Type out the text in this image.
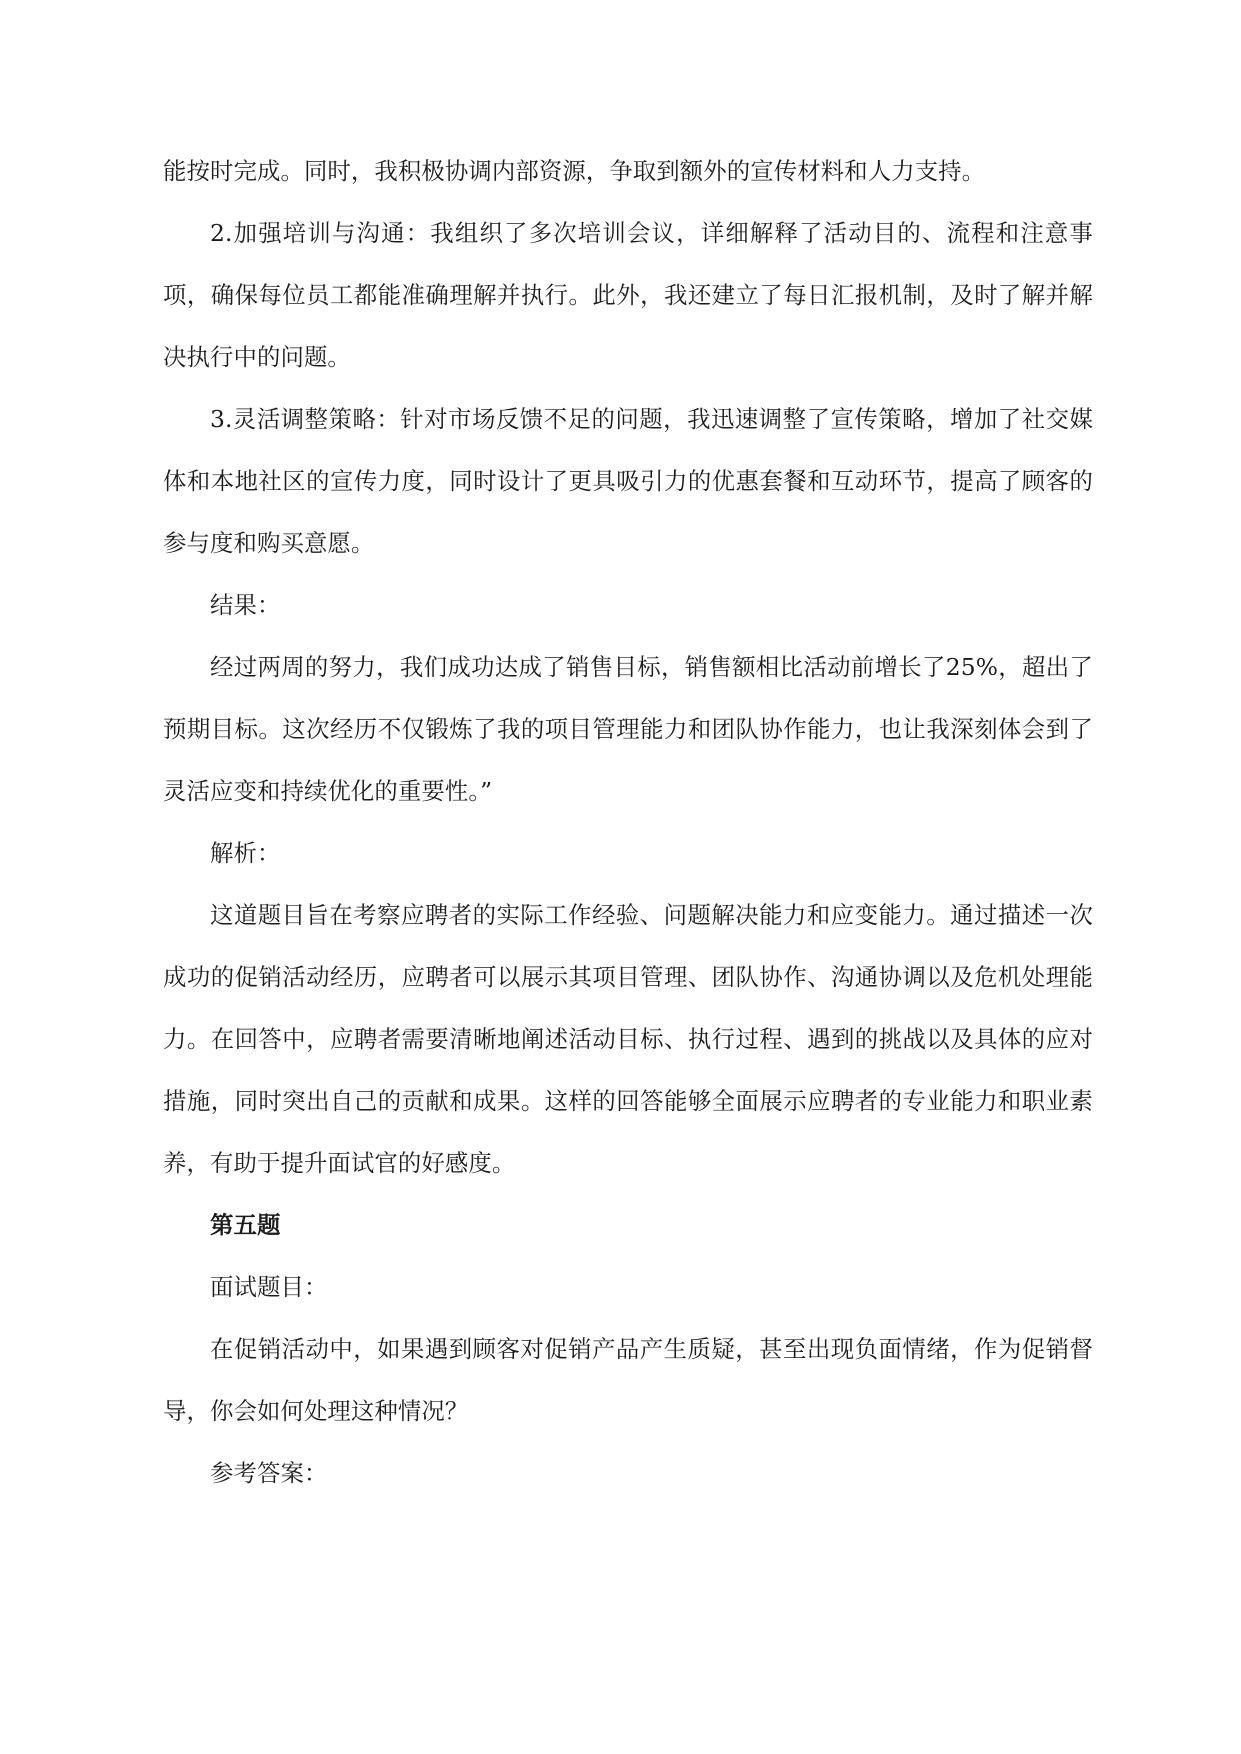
能按时完成。同时，我积极协调内部资源，争取到额外的宣传材料和人力支持。

2.加强培训与沟通：我组织了多次培训会议，详细解释了活动目的、流程和注意事项，确保每位员工都能准确理解并执行。此外，我还建立了每日汇报机制，及时了解并解决执行中的问题。

3.灵活调整策略：针对市场反馈不足的问题，我迅速调整了宣传策略，增加了社交媒体和本地社区的宣传力度，同时设计了更具吸引力的优惠套餐和互动环节，提高了顾客的参与度和购买意愿。

结果：

经过两周的努力，我们成功达成了销售目标，销售额相比活动前增长了25%，超出了预期目标。这次经历不仅锻炼了我的项目管理能力和团队协作能力，也让我深刻体会到了灵活应变和持续优化的重要性。”

解析：

这道题目旨在考察应聘者的实际工作经验、问题解决能力和应变能力。通过描述一次成功的促销活动经历，应聘者可以展示其项目管理、团队协作、沟通协调以及危机处理能力。在回答中，应聘者需要清晰地阐述活动目标、执行过程、遇到的挑战以及具体的应对措施，同时突出自己的贡献和成果。这样的回答能够全面展示应聘者的专业能力和职业素养，有助于提升面试官的好感度。

第五题

面试题目：

在促销活动中，如果遇到顾客对促销产品产生质疑，甚至出现负面情绪，作为促销督导，你会如何处理这种情况？

参考答案：
